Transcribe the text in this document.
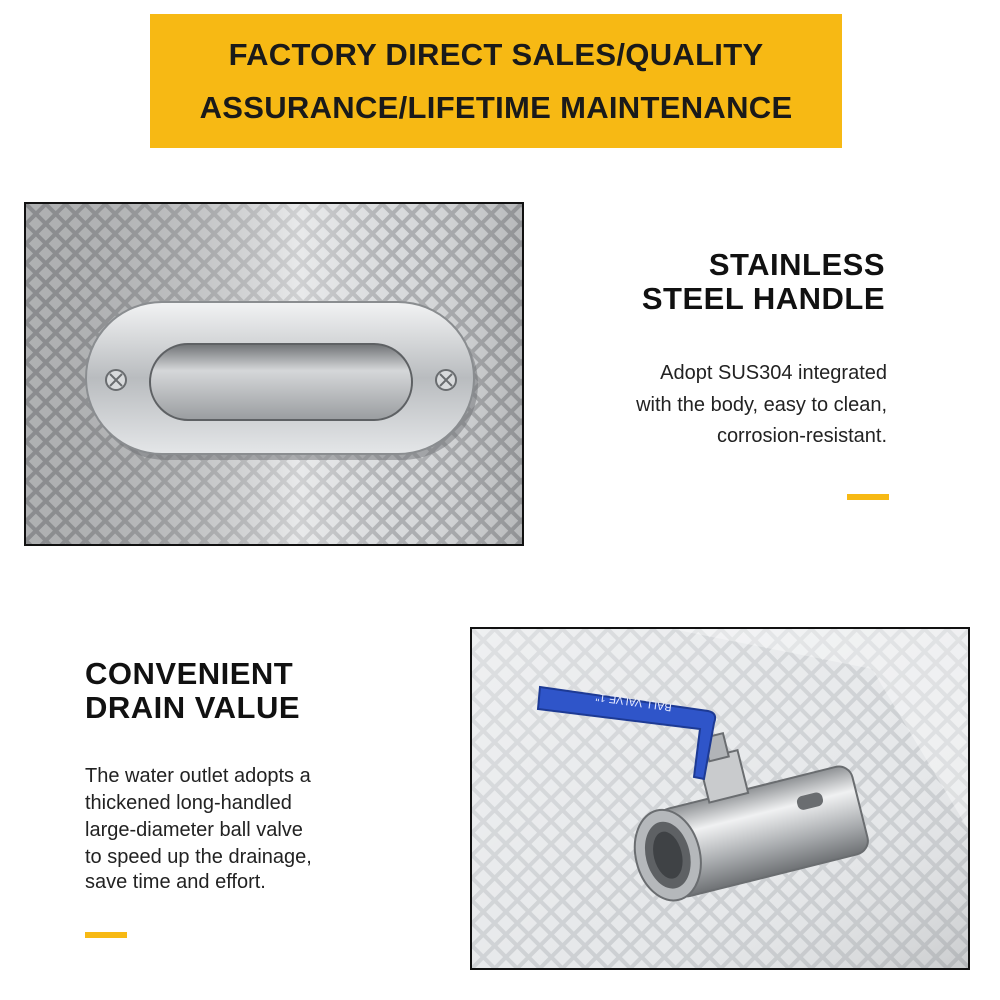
FACTORY DIRECT SALES/QUALITY
ASSURANCE/LIFETIME MAINTENANCE
STAINLESS
STEEL HANDLE
Adopt SUS304 integrated
with the body, easy to clean,
corrosion-resistant.
CONVENIENT
DRAIN VALUE
The water outlet adopts a
thickened long-handled
large-diameter ball valve
to speed up the drainage,
save time and effort.
BALL VALVE 1"
